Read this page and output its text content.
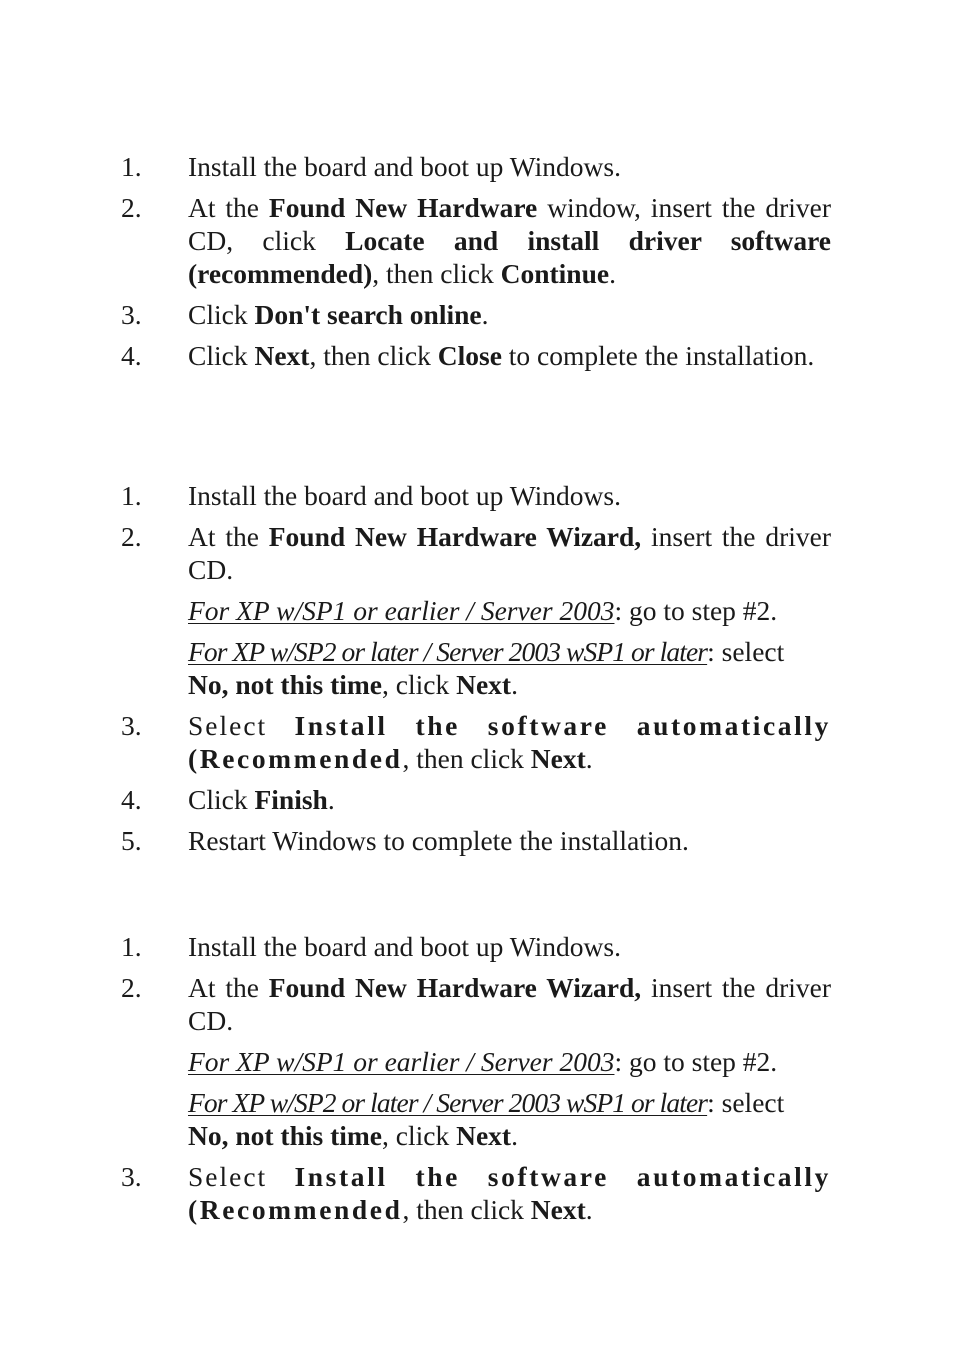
1. Install the board and boot up Windows.
2. At the Found New Hardware window, insert the driver CD, click Locate and install driver software (recommended), then click Continue.
3. Click Don't search online.
4. Click Next, then click Close to complete the installation.
1. Install the board and boot up Windows.
2. At the Found New Hardware Wizard, insert the driver CD.
For XP w/SP1 or earlier / Server 2003: go to step #2.
For XP w/SP2 or later / Server 2003 wSP1 or later: select No, not this time, click Next.
3. Select Install the software automatically (Recommended, then click Next.
4. Click Finish.
5. Restart Windows to complete the installation.
1. Install the board and boot up Windows.
2. At the Found New Hardware Wizard, insert the driver CD.
For XP w/SP1 or earlier / Server 2003: go to step #2.
For XP w/SP2 or later / Server 2003 wSP1 or later: select No, not this time, click Next.
3. Select Install the software automatically (Recommended, then click Next.
